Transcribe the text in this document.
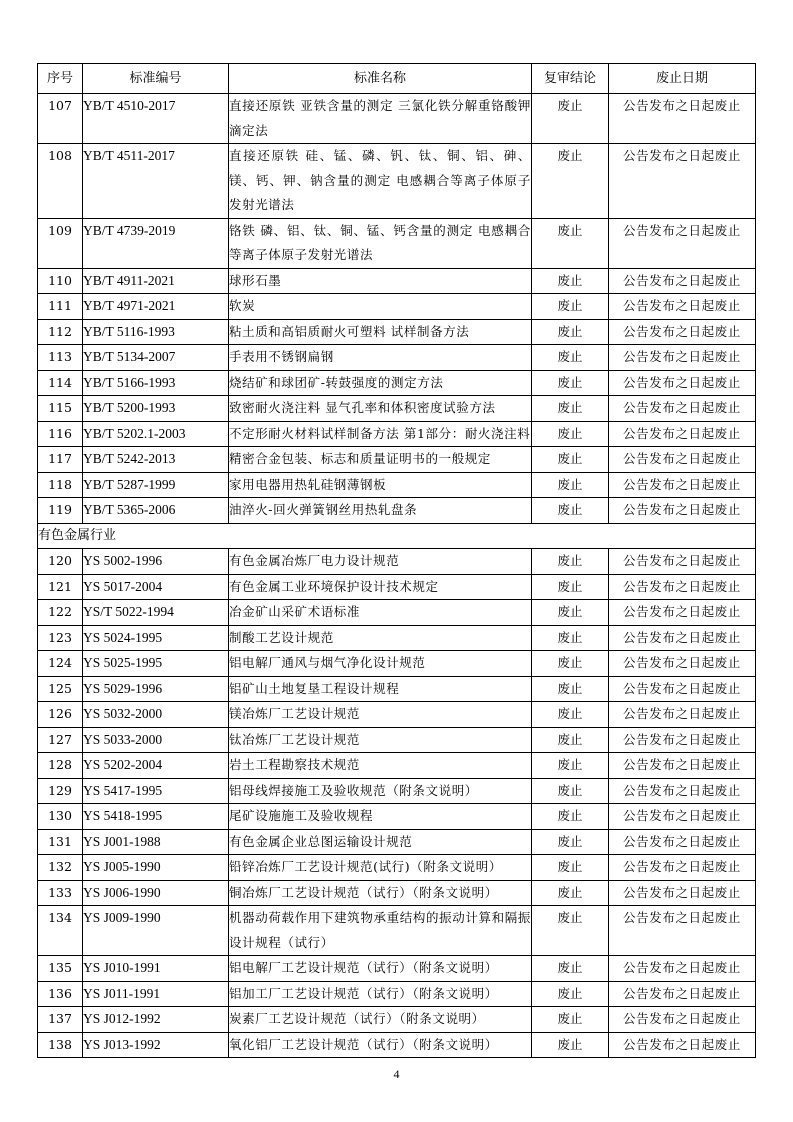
序号	标准编号	标准名称	复审结论	废止日期
107	YB/T 4510-2017	直接还原铁 亚铁含量的测定 三氯化铁分解重铬酸钾滴定法	废止	公告发布之日起废止
108	YB/T 4511-2017	直接还原铁 硅、锰、磷、钒、钛、铜、铝、砷、镁、钙、钾、钠含量的测定 电感耦合等离子体原子发射光谱法	废止	公告发布之日起废止
109	YB/T 4739-2019	铬铁 磷、铝、钛、铜、锰、钙含量的测定 电感耦合等离子体原子发射光谱法	废止	公告发布之日起废止
110	YB/T 4911-2021	球形石墨	废止	公告发布之日起废止
111	YB/T 4971-2021	软炭	废止	公告发布之日起废止
112	YB/T 5116-1993	粘土质和高铝质耐火可塑料 试样制备方法	废止	公告发布之日起废止
113	YB/T 5134-2007	手表用不锈钢扁钢	废止	公告发布之日起废止
114	YB/T 5166-1993	烧结矿和球团矿-转鼓强度的测定方法	废止	公告发布之日起废止
115	YB/T 5200-1993	致密耐火浇注料 显气孔率和体积密度试验方法	废止	公告发布之日起废止
116	YB/T 5202.1-2003	不定形耐火材料试样制备方法 第1部分：耐火浇注料	废止	公告发布之日起废止
117	YB/T 5242-2013	精密合金包装、标志和质量证明书的一般规定	废止	公告发布之日起废止
118	YB/T 5287-1999	家用电器用热轧硅钢薄钢板	废止	公告发布之日起废止
119	YB/T 5365-2006	油淬火-回火弹簧钢丝用热轧盘条	废止	公告发布之日起废止
有色金属行业				
120	YS 5002-1996	有色金属冶炼厂电力设计规范	废止	公告发布之日起废止
121	YS 5017-2004	有色金属工业环境保护设计技术规定	废止	公告发布之日起废止
122	YS/T 5022-1994	冶金矿山采矿术语标准	废止	公告发布之日起废止
123	YS 5024-1995	制酸工艺设计规范	废止	公告发布之日起废止
124	YS 5025-1995	铝电解厂通风与烟气净化设计规范	废止	公告发布之日起废止
125	YS 5029-1996	铝矿山土地复垦工程设计规程	废止	公告发布之日起废止
126	YS 5032-2000	镁冶炼厂工艺设计规范	废止	公告发布之日起废止
127	YS 5033-2000	钛冶炼厂工艺设计规范	废止	公告发布之日起废止
128	YS 5202-2004	岩土工程勘察技术规范	废止	公告发布之日起废止
129	YS 5417-1995	铝母线焊接施工及验收规范（附条文说明）	废止	公告发布之日起废止
130	YS 5418-1995	尾矿设施施工及验收规程	废止	公告发布之日起废止
131	YS J001-1988	有色金属企业总图运输设计规范	废止	公告发布之日起废止
132	YS J005-1990	铅锌冶炼厂工艺设计规范(试行)（附条文说明）	废止	公告发布之日起废止
133	YS J006-1990	铜冶炼厂工艺设计规范（试行）（附条文说明）	废止	公告发布之日起废止
134	YS J009-1990	机器动荷载作用下建筑物承重结构的振动计算和隔振设计规程（试行）	废止	公告发布之日起废止
135	YS J010-1991	铝电解厂工艺设计规范（试行）（附条文说明）	废止	公告发布之日起废止
136	YS J011-1991	铝加工厂工艺设计规范（试行）（附条文说明）	废止	公告发布之日起废止
137	YS J012-1992	炭素厂工艺设计规范（试行）（附条文说明）	废止	公告发布之日起废止
138	YS J013-1992	氧化铝厂工艺设计规范（试行）（附条文说明）	废止	公告发布之日起废止
4
